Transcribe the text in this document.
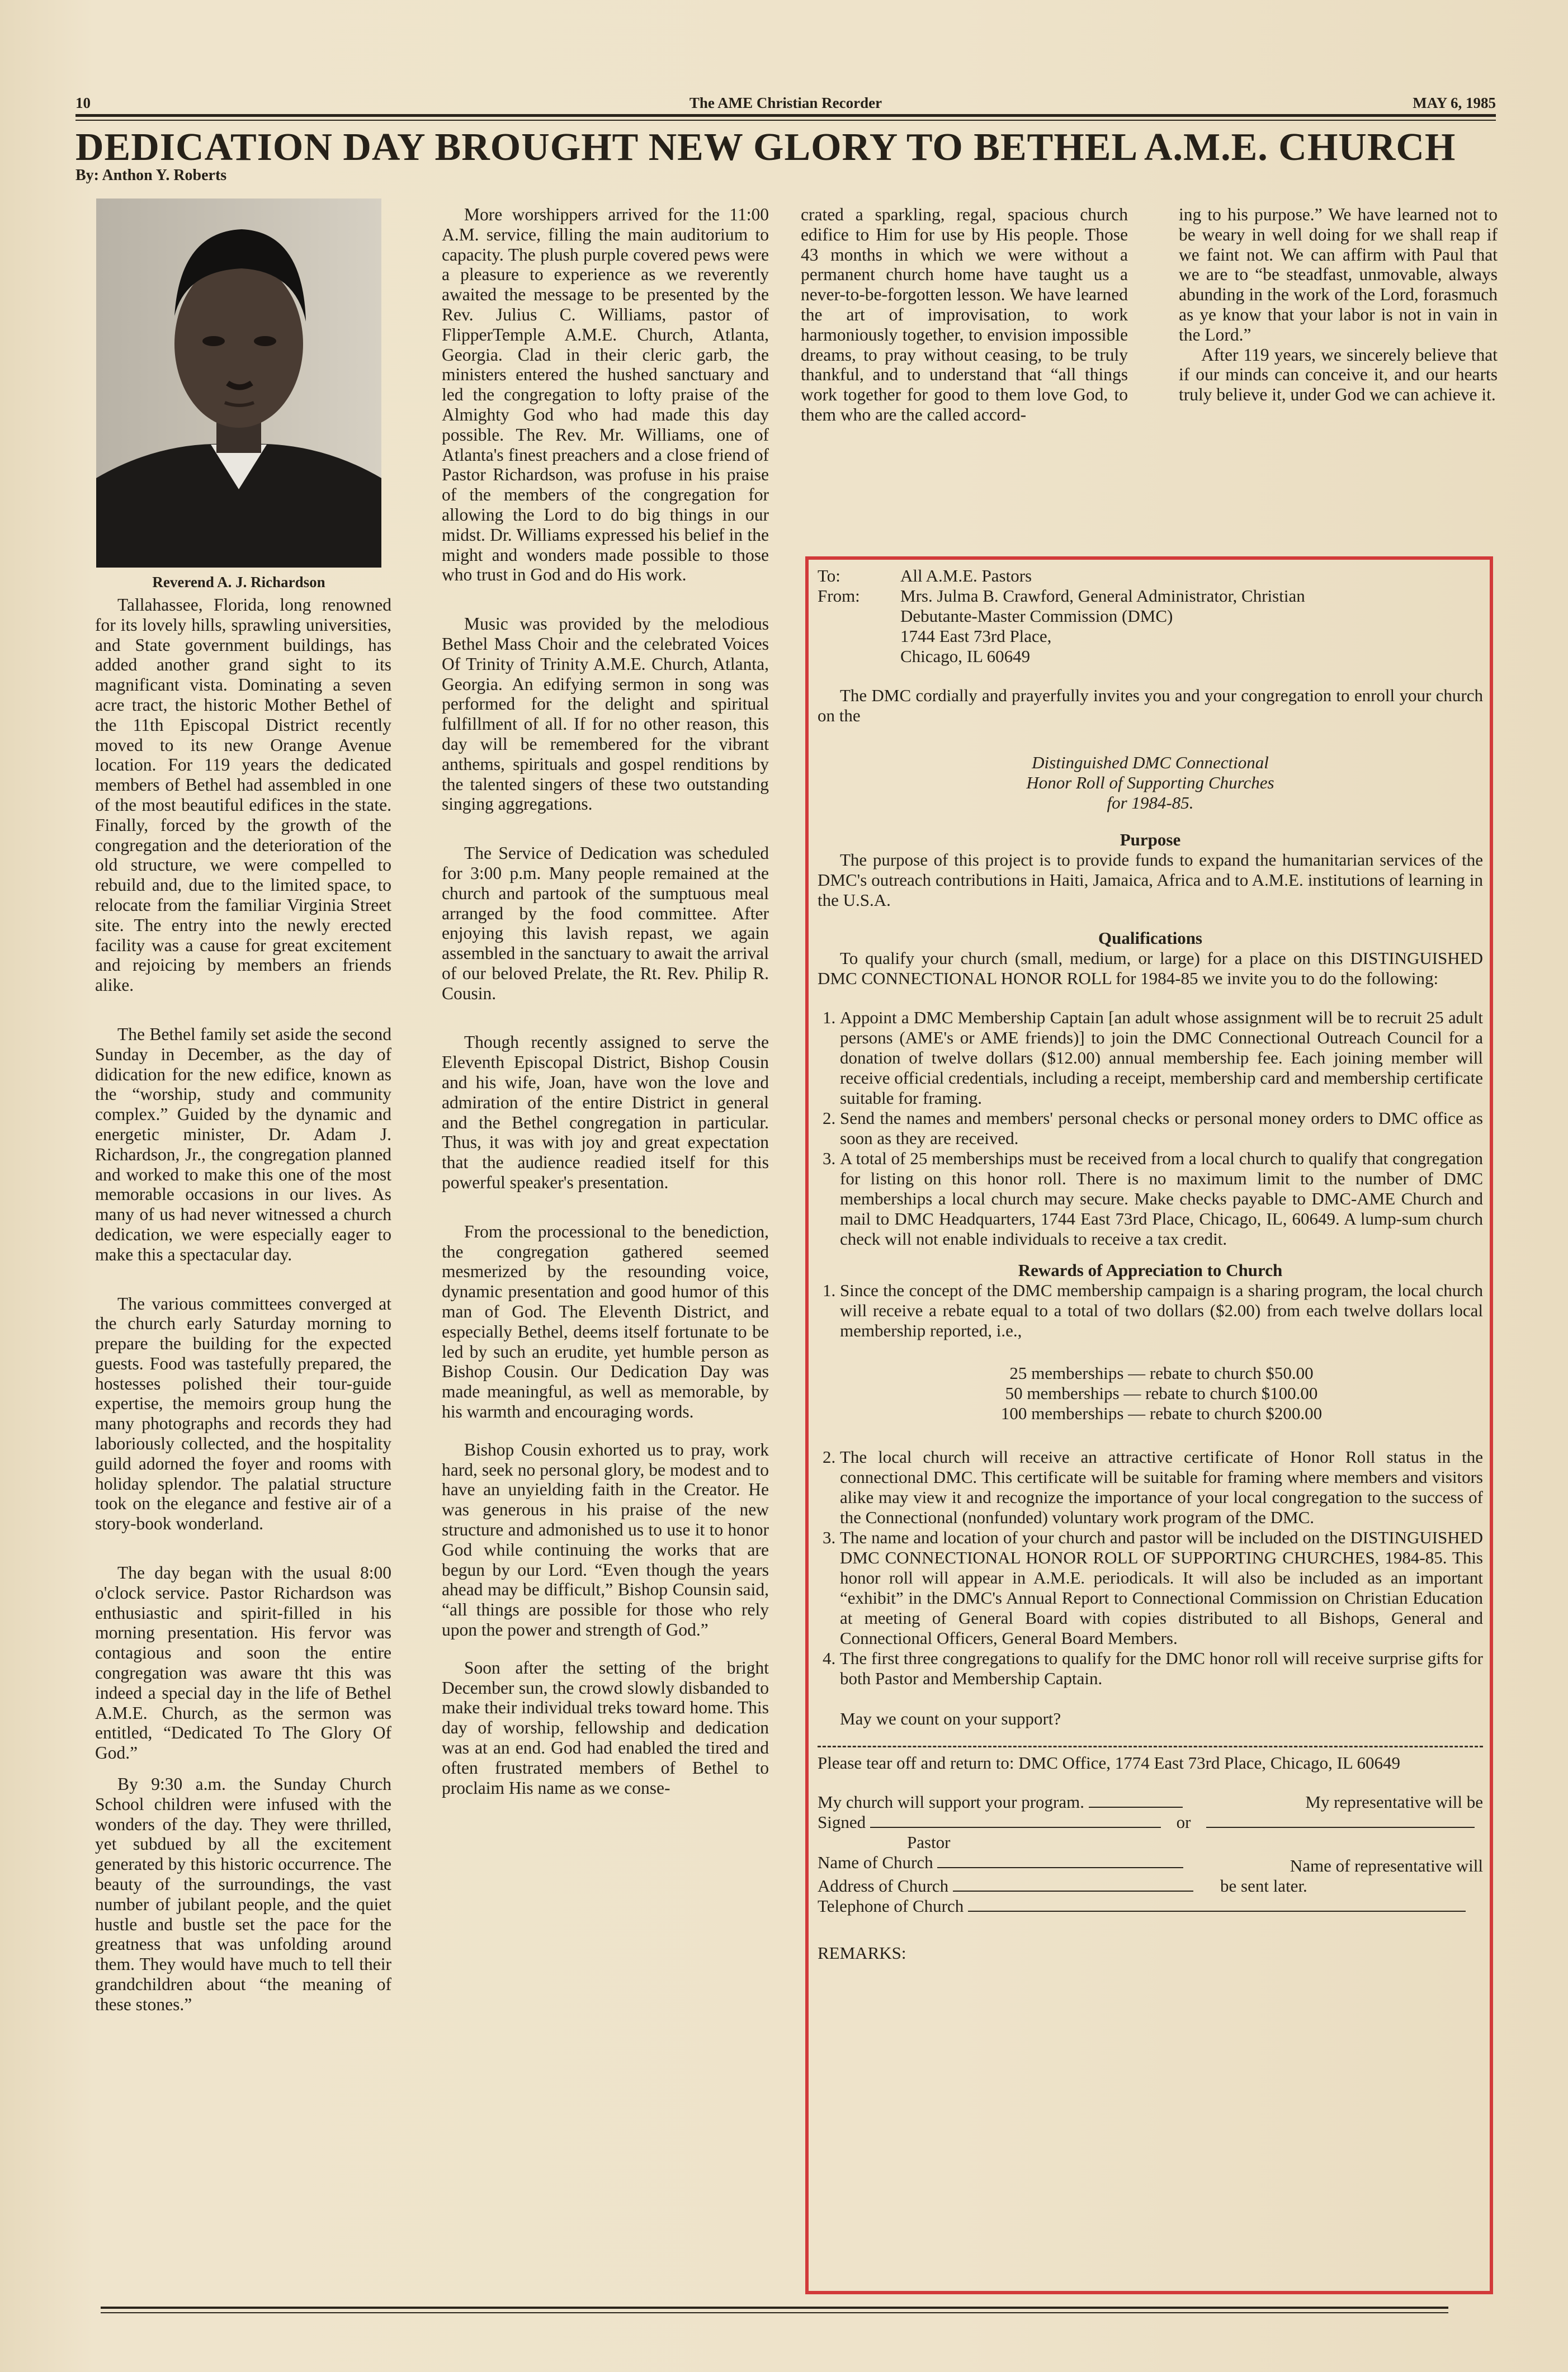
10	The AME Christian Recorder	MAY 6, 1985
DEDICATION DAY BROUGHT NEW GLORY TO BETHEL A.M.E. CHURCH
By: Anthon Y. Roberts
Reverend A. J. Richardson

Tallahassee, Florida, long renowned for its lovely hills, sprawling universities, and State government buildings, has added another grand sight to its magnificant vista. Dominating a seven acre tract, the historic Mother Bethel of the 11th Episcopal District recently moved to its new Orange Avenue location. For 119 years the dedicated members of Bethel had assembled in one of the most beautiful edifices in the state. Finally, forced by the growth of the congregation and the deterioration of the old structure, we were compelled to rebuild and, due to the limited space, to relocate from the familiar Virginia Street site. The entry into the newly erected facility was a cause for great excitement and rejoicing by members an friends alike.

The Bethel family set aside the second Sunday in December, as the day of didication for the new edifice, known as the “worship, study and community complex.” Guided by the dynamic and energetic minister, Dr. Adam J. Richardson, Jr., the congregation planned and worked to make this one of the most memorable occasions in our lives. As many of us had never witnessed a church dedication, we were especially eager to make this a spectacular day.

The various committees converged at the church early Saturday morning to prepare the building for the expected guests. Food was tastefully prepared, the hostesses polished their tour-guide expertise, the memoirs group hung the many photographs and records they had laboriously collected, and the hospitality guild adorned the foyer and rooms with holiday splendor. The palatial structure took on the elegance and festive air of a story-book wonderland.

The day began with the usual 8:00 o'clock service. Pastor Richardson was enthusiastic and spirit-filled in his morning presentation. His fervor was contagious and soon the entire congregation was aware tht this was indeed a special day in the life of Bethel A.M.E. Church, as the sermon was entitled, “Dedicated To The Glory Of God.”

By 9:30 a.m. the Sunday Church School children were infused with the wonders of the day. They were thrilled, yet subdued by all the excitement generated by this historic occurrence. The beauty of the surroundings, the vast number of jubilant people, and the quiet hustle and bustle set the pace for the greatness that was unfolding around them. They would have much to tell their grandchildren about “the meaning of these stones.”

More worshippers arrived for the 11:00 A.M. service, filling the main auditorium to capacity. The plush purple covered pews were a pleasure to experience as we reverently awaited the message to be presented by the Rev. Julius C. Williams, pastor of FlipperTemple A.M.E. Church, Atlanta, Georgia. Clad in their cleric garb, the ministers entered the hushed sanctuary and led the congregation to lofty praise of the Almighty God who had made this day possible. The Rev. Mr. Williams, one of Atlanta's finest preachers and a close friend of Pastor Richardson, was profuse in his praise of the members of the congregation for allowing the Lord to do big things in our midst. Dr. Williams expressed his belief in the might and wonders made possible to those who trust in God and do His work.

Music was provided by the melodious Bethel Mass Choir and the celebrated Voices Of Trinity of Trinity A.M.E. Church, Atlanta, Georgia. An edifying sermon in song was performed for the delight and spiritual fulfillment of all. If for no other reason, this day will be remembered for the vibrant anthems, spirituals and gospel renditions by the talented singers of these two outstanding singing aggregations.

The Service of Dedication was scheduled for 3:00 p.m. Many people remained at the church and partook of the sumptuous meal arranged by the food committee. After enjoying this lavish repast, we again assembled in the sanctuary to await the arrival of our beloved Prelate, the Rt. Rev. Philip R. Cousin.

Though recently assigned to serve the Eleventh Episcopal District, Bishop Cousin and his wife, Joan, have won the love and admiration of the entire District in general and the Bethel congregation in particular. Thus, it was with joy and great expectation that the audience readied itself for this powerful speaker's presentation.

From the processional to the benediction, the congregation gathered seemed mesmerized by the resounding voice, dynamic presentation and good humor of this man of God. The Eleventh District, and especially Bethel, deems itself fortunate to be led by such an erudite, yet humble person as Bishop Cousin. Our Dedication Day was made meaningful, as well as memorable, by his warmth and encouraging words.

Bishop Cousin exhorted us to pray, work hard, seek no personal glory, be modest and to have an unyielding faith in the Creator. He was generous in his praise of the new structure and admonished us to use it to honor God while continuing the works that are begun by our Lord. “Even though the years ahead may be difficult,” Bishop Counsin said, “all things are possible for those who rely upon the power and strength of God.”

Soon after the setting of the bright December sun, the crowd slowly disbanded to make their individual treks toward home. This day of worship, fellowship and dedication was at an end. God had enabled the tired and often frustrated members of Bethel to proclaim His name as we conse-

crated a sparkling, regal, spacious church edifice to Him for use by His people. Those 43 months in which we were without a permanent church home have taught us a never-to-be-forgotten lesson. We have learned the art of improvisation, to work harmoniously together, to envision impossible dreams, to pray without ceasing, to be truly thankful, and to understand that “all things work together for good to them love God, to them who are the called accord-

ing to his purpose.” We have learned not to be weary in well doing for we shall reap if we faint not. We can affirm with Paul that we are to “be steadfast, unmovable, always abunding in the work of the Lord, forasmuch as ye know that your labor is not in vain in the Lord.”

After 119 years, we sincerely believe that if our minds can conceive it, and our hearts truly believe it, under God we can achieve it.

To:	All A.M.E. Pastors
From: Mrs. Julma B. Crawford, General Administrator, Christian
Debutante-Master Commission (DMC)
1744 East 73rd Place,
Chicago, IL 60649

The DMC cordially and prayerfully invites you and your congregation to enroll your church on the

Distinguished DMC Connectional
Honor Roll of Supporting Churches
for 1984-85.
Purpose

The purpose of this project is to provide funds to expand the humanitarian services of the DMC's outreach contributions in Haiti, Jamaica, Africa and to A.M.E. institutions of learning in the U.S.A.

Qualifications

To qualify your church (small, medium, or large) for a place on this DISTINGUISHED DMC CONNECTIONAL HONOR ROLL for 1984-85 we invite you to do the following:

1. Appoint a DMC Membership Captain [an adult whose assignment will be to recruit 25 adult persons (AME's or AME friends)] to join the DMC Connectional Outreach Council for a donation of twelve dollars ($12.00) annual membership fee. Each joining member will receive official credentials, including a receipt, membership card and membership certificate suitable for framing.
2. Send the names and members' personal checks or personal money orders to DMC office as soon as they are received.
3. A total of 25 memberships must be received from a local church to qualify that congregation for listing on this honor roll. There is no maximum limit to the number of DMC memberships a local church may secure. Make checks payable to DMC-AME Church and mail to DMC Headquarters, 1744 East 73rd Place, Chicago, IL, 60649. A lump-sum church check will not enable individuals to receive a tax credit.
Rewards of Appreciation to Church
1. Since the concept of the DMC membership campaign is a sharing program, the local church will receive a rebate equal to a total of two dollars ($2.00) from each twelve dollars local membership reported, i.e.,
25 memberships — rebate to church $50.00
50 memberships — rebate to church $100.00
100 memberships — rebate to church $200.00
2. The local church will receive an attractive certificate of Honor Roll status in the connectional DMC. This certificate will be suitable for framing where members and visitors alike may view it and recognize the importance of your local congregation to the success of the Connectional (nonfunded) voluntary work program of the DMC.
3. The name and location of your church and pastor will be included on the DISTINGUISHED DMC CONNECTIONAL HONOR ROLL OF SUPPORTING CHURCHES, 1984-85. This honor roll will appear in A.M.E. periodicals. It will also be included as an important “exhibit” in the DMC's Annual Report to Connectional Commission on Christian Education at meeting of General Board with copies distributed to all Bishops, General and Connectional Officers, General Board Members.
4. The first three congregations to qualify for the DMC honor roll will receive surprise gifts for both Pastor and Membership Captain.
May we count on your support?
Please tear off and return to: DMC Office, 1774 East 73rd Place, Chicago, IL 60649
My church will support your program.	My representative will be
Signed	or
Pastor
Name of Church	Name of representative will
Address of Church	be sent later.
Telephone of Church
REMARKS:
